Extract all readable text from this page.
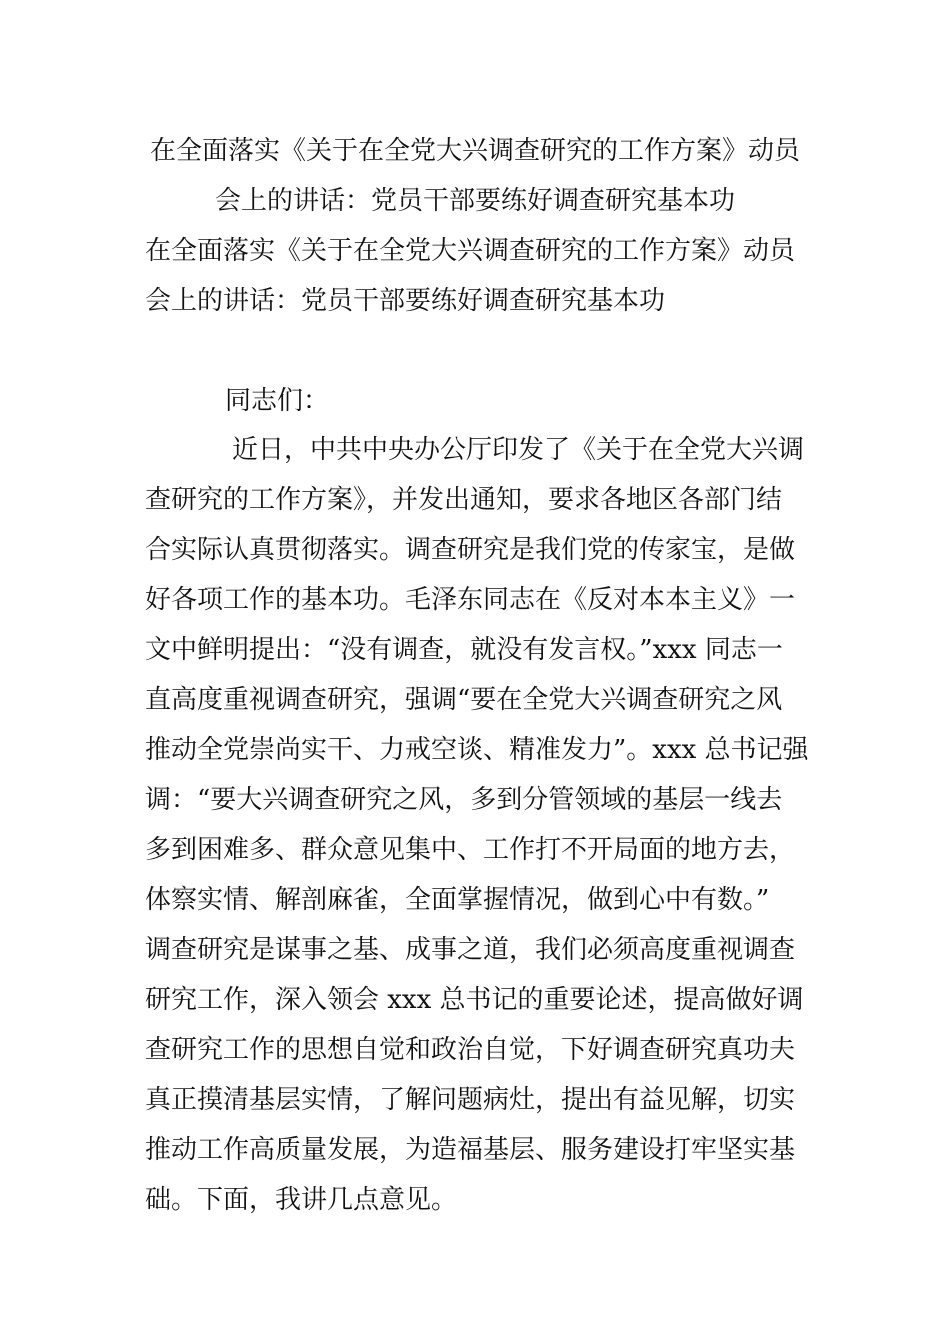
在全面落实《关于在全党大兴调查研究的工作方案》动员
会上的讲话：党员干部要练好调查研究基本功
在全面落实《关于在全党大兴调查研究的工作方案》动员
会上的讲话：党员干部要练好调查研究基本功
同志们：
近日，中共中央办公厅印发了《关于在全党大兴调
查研究的工作方案》，并发出通知，要求各地区各部门结
合实际认真贯彻落实。调查研究是我们党的传家宝，是做
好各项工作的基本功。毛泽东同志在《反对本本主义》一
文中鲜明提出：“没有调查，就没有发言权。”xxx 同志一
直高度重视调查研究，强调“要在全党大兴调查研究之风
推动全党崇尚实干、力戒空谈、精准发力”。xxx 总书记强
调：“要大兴调查研究之风，多到分管领域的基层一线去
多到困难多、群众意见集中、工作打不开局面的地方去，
体察实情、解剖麻雀，全面掌握情况，做到心中有数。”
调查研究是谋事之基、成事之道，我们必须高度重视调查
研究工作，深入领会 xxx 总书记的重要论述，提高做好调
查研究工作的思想自觉和政治自觉，下好调查研究真功夫
真正摸清基层实情，了解问题病灶，提出有益见解，切实
推动工作高质量发展，为造福基层、服务建设打牢坚实基
础。下面，我讲几点意见。
